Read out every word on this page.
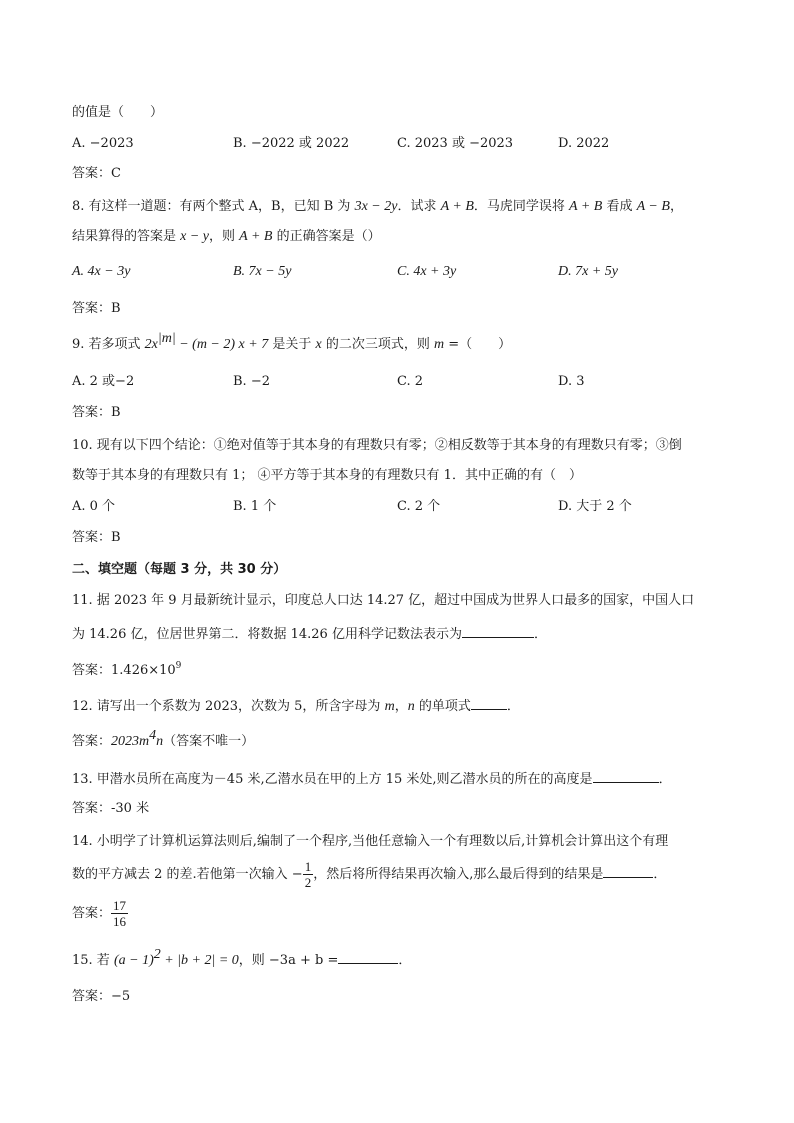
的值是（　　）
A. −2023	B. −2022 或 2022	C. 2023 或 −2023	D. 2022
答案：C
8. 有这样一道题：有两个整式 A，B，已知 B 为 3x − 2y．试求 A + B．马虎同学误将 A + B 看成 A − B，
结果算得的答案是 x − y，则 A + B 的正确答案是（）
A. 4x − 3y	B. 7x − 5y	C. 4x + 3y	D. 7x + 5y
答案：B
9. 若多项式 $2x^{|m|} - (m - 2) x + 7$ 是关于 x 的二次三项式，则 m =（　　）
A. 2 或−2	B. −2	C. 2	D. 3
答案：B
10. 现有以下四个结论：①绝对值等于其本身的有理数只有零；②相反数等于其本身的有理数只有零；③倒
数等于其本身的有理数只有 1； ④平方等于其本身的有理数只有 1．其中正确的有（　）
A. 0 个	B. 1 个	C. 2 个	D. 大于 2 个
答案：B
二、填空题（每题 3 分，共 30 分）
11. 据 2023 年 9 月最新统计显示，印度总人口达 14.27 亿，超过中国成为世界人口最多的国家，中国人口
为 14.26 亿，位居世界第二．将数据 14.26 亿用科学记数法表示为	．
答案：$1.426\times 10^9$
12. 请写出一个系数为 2023，次数为 5，所含字母为 m，n 的单项式	．
答案：$2023m^4n$（答案不唯一）
13. 甲潜水员所在高度为－45 米,乙潜水员在甲的上方 15 米处,则乙潜水员的所在的高度是	．
答案：-30 米
14. 小明学了计算机运算法则后,编制了一个程序,当他任意输入一个有理数以后,计算机会计算出这个有理
数的平方减去 2 的差.若他第一次输入 − $\frac{1}{2}$ ，然后将所得结果再次输入,那么最后得到的结果是	．
答案： $\frac{17}{16}$
15. 若 $(a - 1)^2 + |b + 2| = 0$，则 −3a + b =	．
答案：−5
